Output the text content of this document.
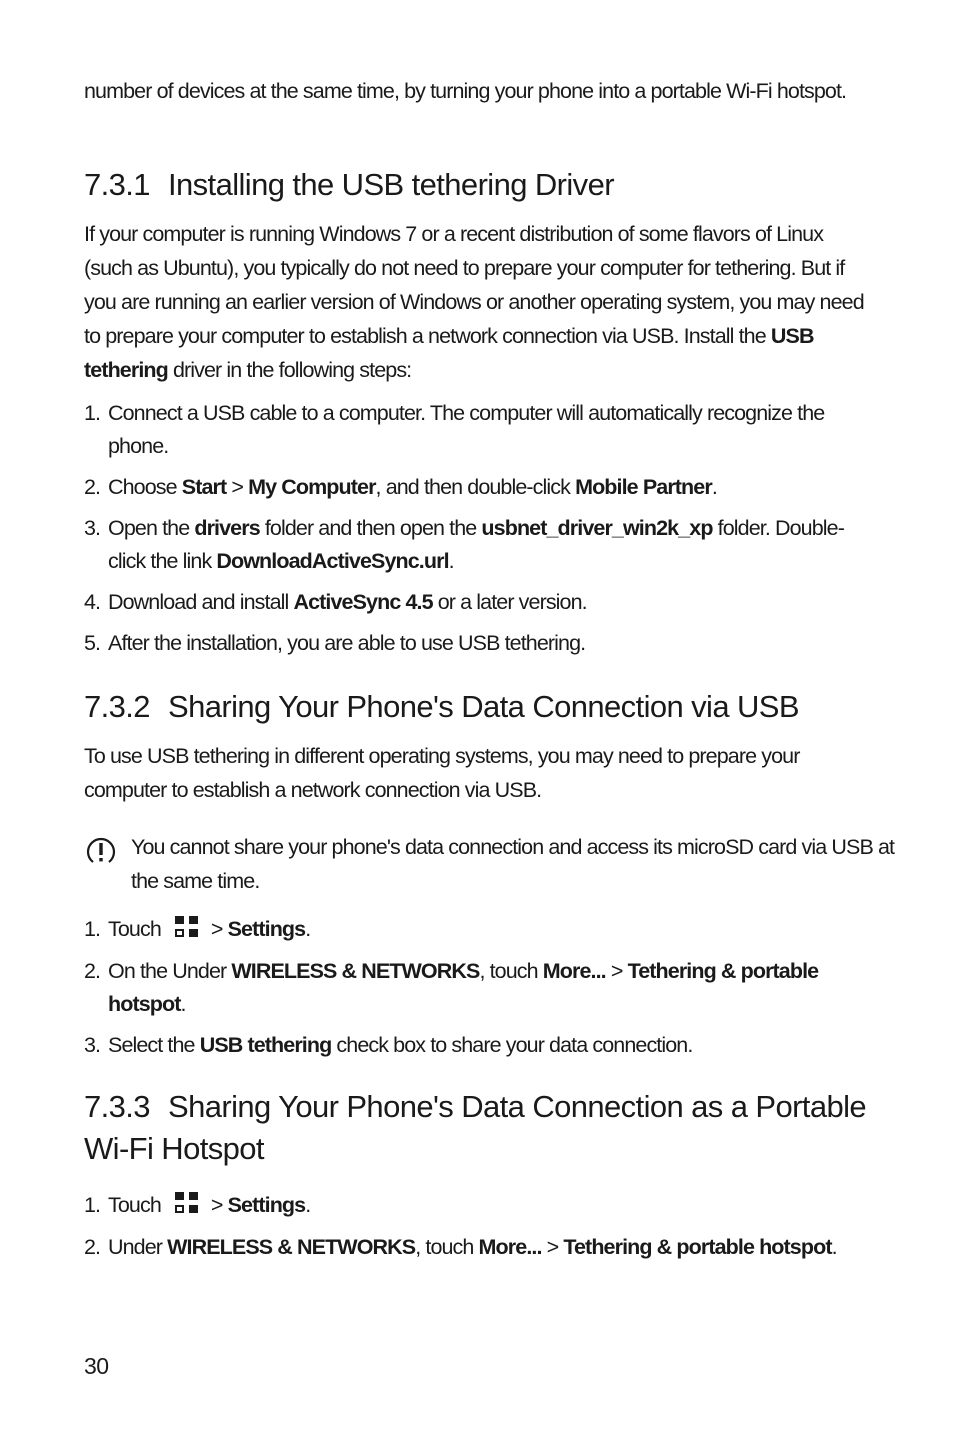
number of devices at the same time, by turning your phone into a portable Wi-Fi hotspot.

7.3.1 Installing the USB tethering Driver

If your computer is running Windows 7 or a recent distribution of some flavors of Linux (such as Ubuntu), you typically do not need to prepare your computer for tethering. But if you are running an earlier version of Windows or another operating system, you may need to prepare your computer to establish a network connection via USB. Install the USB tethering driver in the following steps:

1. Connect a USB cable to a computer. The computer will automatically recognize the phone.
2. Choose Start > My Computer, and then double-click Mobile Partner.
3. Open the drivers folder and then open the usbnet_driver_win2k_xp folder. Double-click the link DownloadActiveSync.url.
4. Download and install ActiveSync 4.5 or a later version.
5. After the installation, you are able to use USB tethering.
7.3.2 Sharing Your Phone's Data Connection via USB

To use USB tethering in different operating systems, you may need to prepare your computer to establish a network connection via USB.

You cannot share your phone's data connection and access its microSD card via USB at the same time.
1. Touch > Settings.
2. On the Under WIRELESS & NETWORKS, touch More... > Tethering & portable hotspot.
3. Select the USB tethering check box to share your data connection.
7.3.3 Sharing Your Phone's Data Connection as a Portable Wi-Fi Hotspot
1. Touch > Settings.
2. Under WIRELESS & NETWORKS, touch More... > Tethering & portable hotspot.
30
